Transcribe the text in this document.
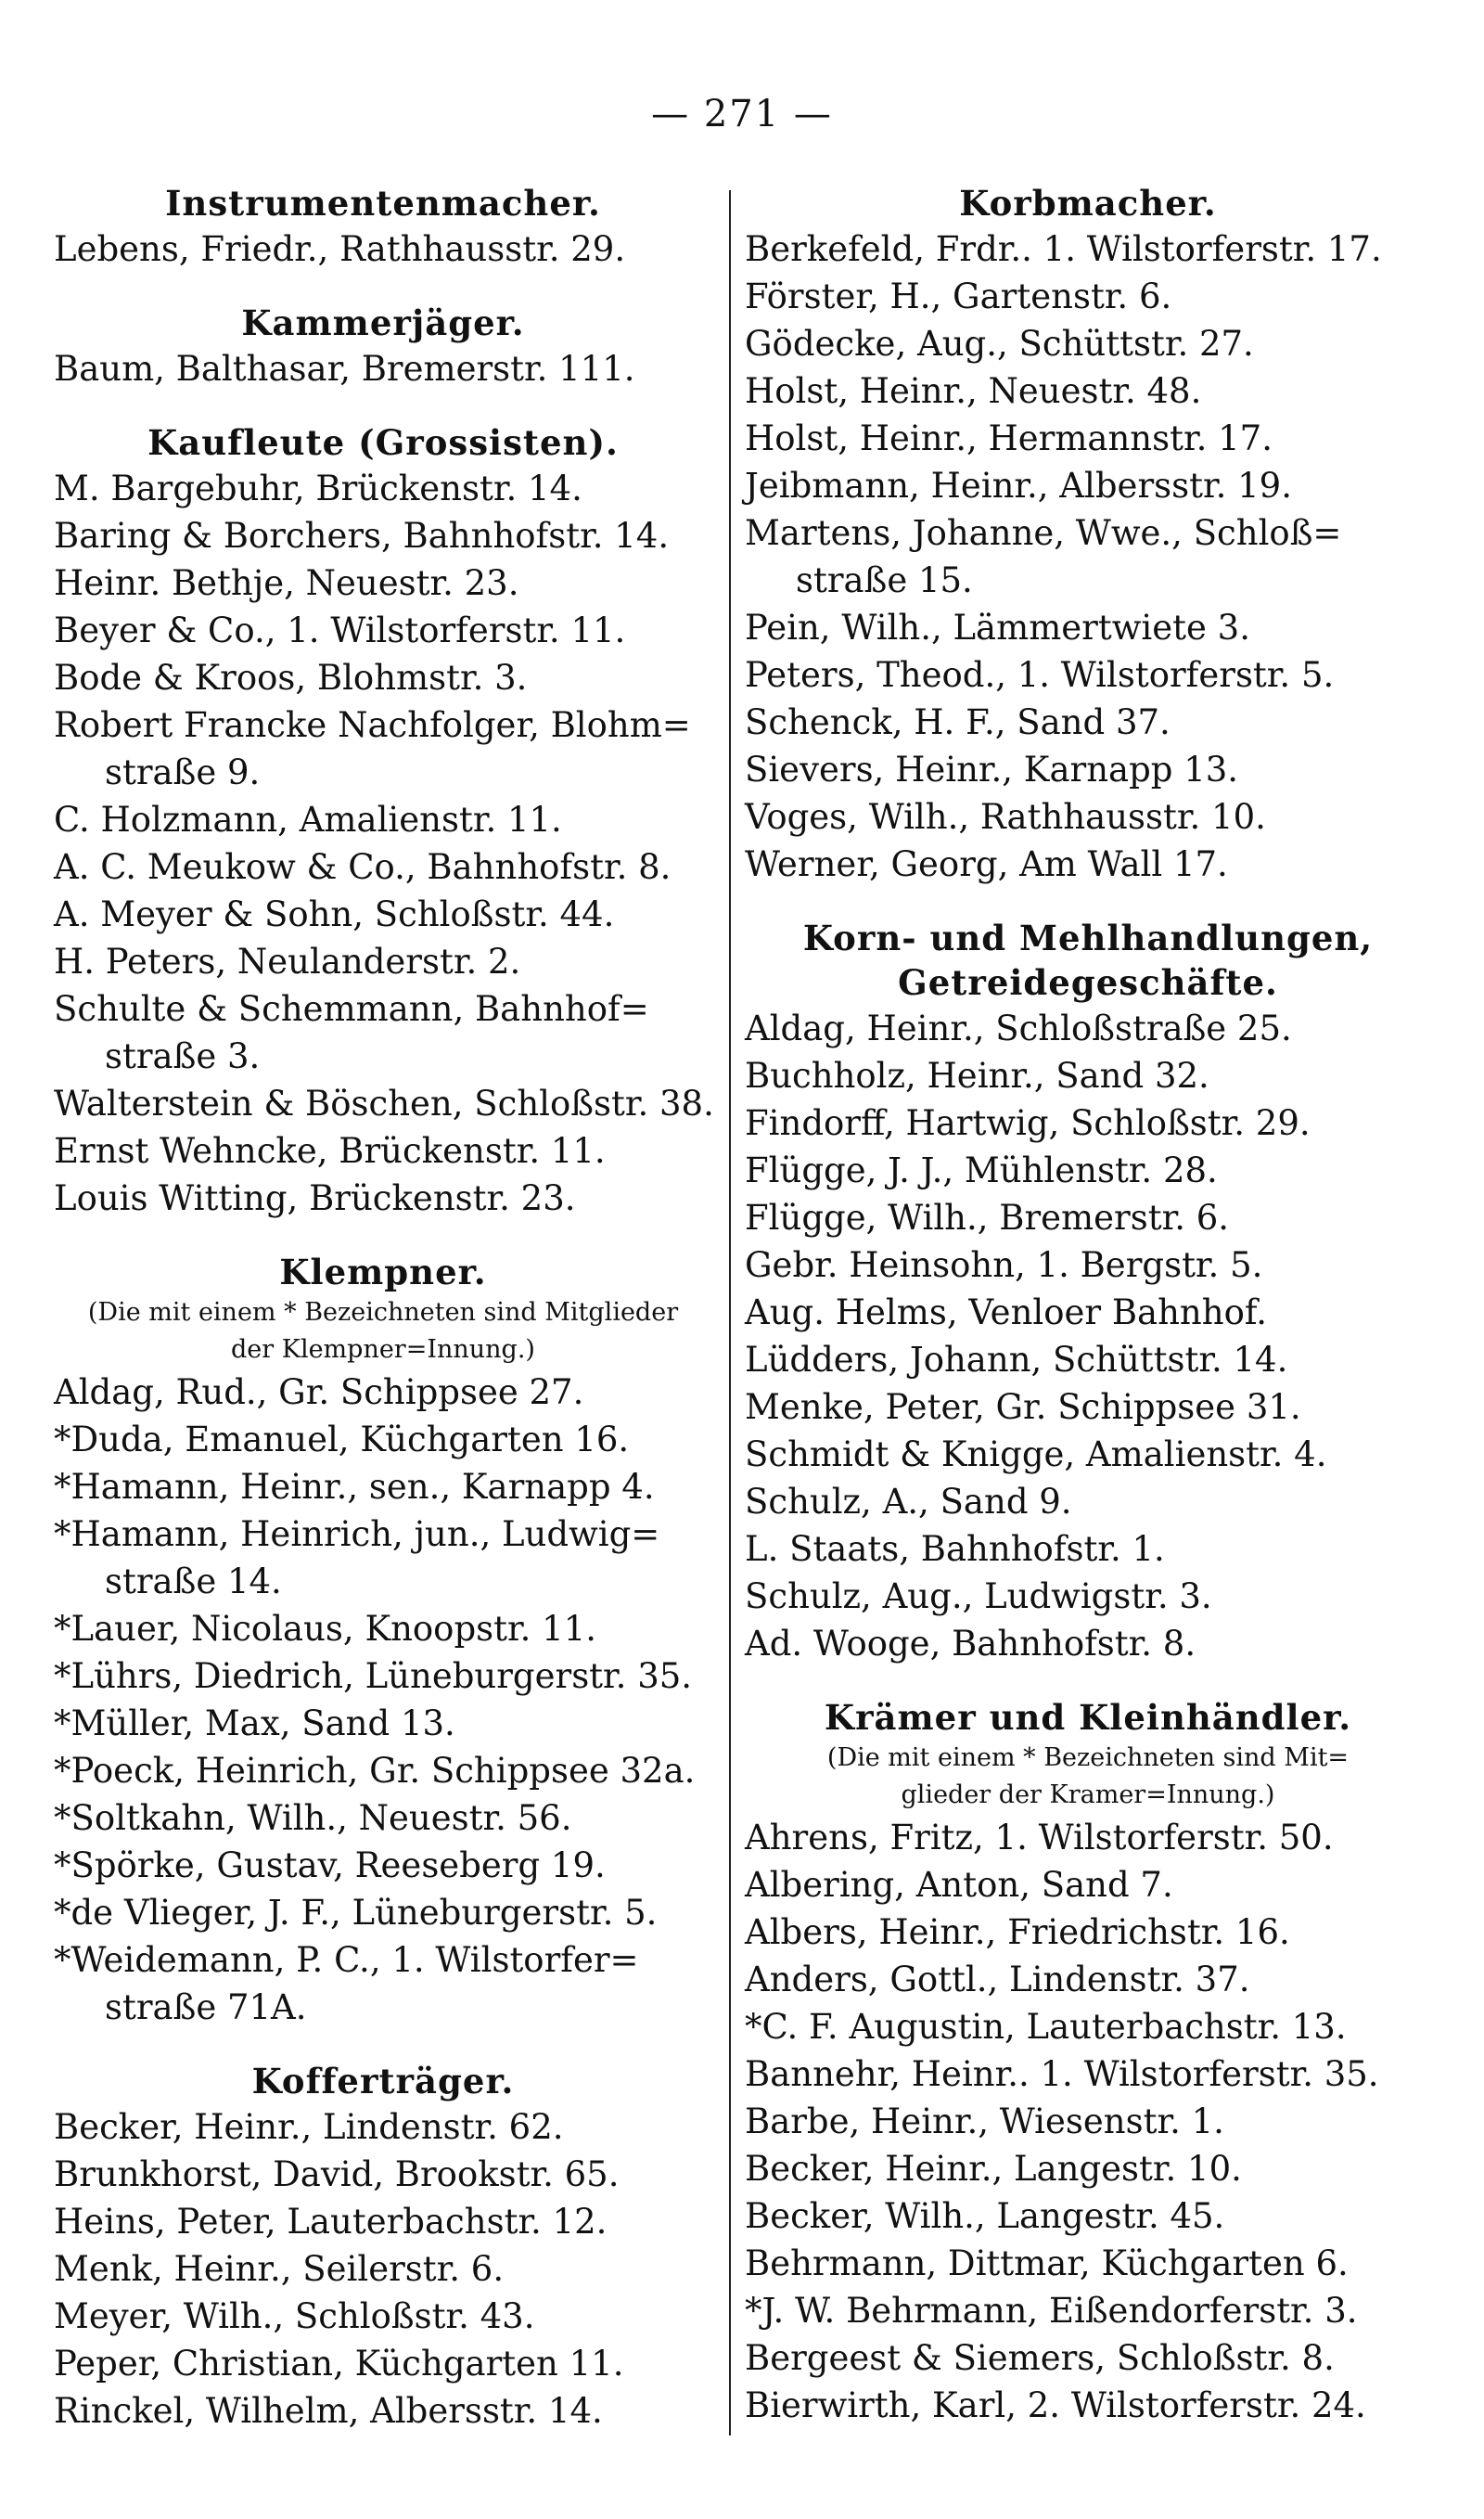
— 271 —
Instrumentenmacher.
Lebens, Friedr., Rathhausstr. 29.
Kammerjäger.
Baum, Balthasar, Bremerstr. 111.
Kaufleute (Grossisten).
M. Bargebuhr, Brückenstr. 14.
Baring & Borchers, Bahnhofstr. 14.
Heinr. Bethje, Neuestr. 23.
Beyer & Co., 1. Wilstorferstr. 11.
Bode & Kroos, Blohmstr. 3.
Robert Francke Nachfolger, Blohm=
straße 9.
C. Holzmann, Amalienstr. 11.
A. C. Meukow & Co., Bahnhofstr. 8.
A. Meyer & Sohn, Schloßstr. 44.
H. Peters, Neulanderstr. 2.
Schulte & Schemmann, Bahnhof=
straße 3.
Walterstein & Böschen, Schloßstr. 38.
Ernst Wehncke, Brückenstr. 11.
Louis Witting, Brückenstr. 23.
Klempner.
(Die mit einem * Bezeichneten sind Mitglieder
der Klempner=Innung.)
Aldag, Rud., Gr. Schippsee 27.
*Duda, Emanuel, Küchgarten 16.
*Hamann, Heinr., sen., Karnapp 4.
*Hamann, Heinrich, jun., Ludwig=
straße 14.
*Lauer, Nicolaus, Knoopstr. 11.
*Lührs, Diedrich, Lüneburgerstr. 35.
*Müller, Max, Sand 13.
*Poeck, Heinrich, Gr. Schippsee 32a.
*Soltkahn, Wilh., Neuestr. 56.
*Spörke, Gustav, Reeseberg 19.
*de Vlieger, J. F., Lüneburgerstr. 5.
*Weidemann, P. C., 1. Wilstorfer=
straße 71A.
Kofferträger.
Becker, Heinr., Lindenstr. 62.
Brunkhorst, David, Brookstr. 65.
Heins, Peter, Lauterbachstr. 12.
Menk, Heinr., Seilerstr. 6.
Meyer, Wilh., Schloßstr. 43.
Peper, Christian, Küchgarten 11.
Rinckel, Wilhelm, Albersstr. 14.
Korbmacher.
Berkefeld, Frdr.. 1. Wilstorferstr. 17.
Förster, H., Gartenstr. 6.
Gödecke, Aug., Schüttstr. 27.
Holst, Heinr., Neuestr. 48.
Holst, Heinr., Hermannstr. 17.
Jeibmann, Heinr., Albersstr. 19.
Martens, Johanne, Wwe., Schloß=
straße 15.
Pein, Wilh., Lämmertwiete 3.
Peters, Theod., 1. Wilstorferstr. 5.
Schenck, H. F., Sand 37.
Sievers, Heinr., Karnapp 13.
Voges, Wilh., Rathhausstr. 10.
Werner, Georg, Am Wall 17.
Korn- und Mehlhandlungen,
Getreidegeschäfte.
Aldag, Heinr., Schloßstraße 25.
Buchholz, Heinr., Sand 32.
Findorff, Hartwig, Schloßstr. 29.
Flügge, J. J., Mühlenstr. 28.
Flügge, Wilh., Bremerstr. 6.
Gebr. Heinsohn, 1. Bergstr. 5.
Aug. Helms, Venloer Bahnhof.
Lüdders, Johann, Schüttstr. 14.
Menke, Peter, Gr. Schippsee 31.
Schmidt & Knigge, Amalienstr. 4.
Schulz, A., Sand 9.
L. Staats, Bahnhofstr. 1.
Schulz, Aug., Ludwigstr. 3.
Ad. Wooge, Bahnhofstr. 8.
Krämer und Kleinhändler.
(Die mit einem * Bezeichneten sind Mit=
glieder der Kramer=Innung.)
Ahrens, Fritz, 1. Wilstorferstr. 50.
Albering, Anton, Sand 7.
Albers, Heinr., Friedrichstr. 16.
Anders, Gottl., Lindenstr. 37.
*C. F. Augustin, Lauterbachstr. 13.
Bannehr, Heinr.. 1. Wilstorferstr. 35.
Barbe, Heinr., Wiesenstr. 1.
Becker, Heinr., Langestr. 10.
Becker, Wilh., Langestr. 45.
Behrmann, Dittmar, Küchgarten 6.
*J. W. Behrmann, Eißendorferstr. 3.
Bergeest & Siemers, Schloßstr. 8.
Bierwirth, Karl, 2. Wilstorferstr. 24.
